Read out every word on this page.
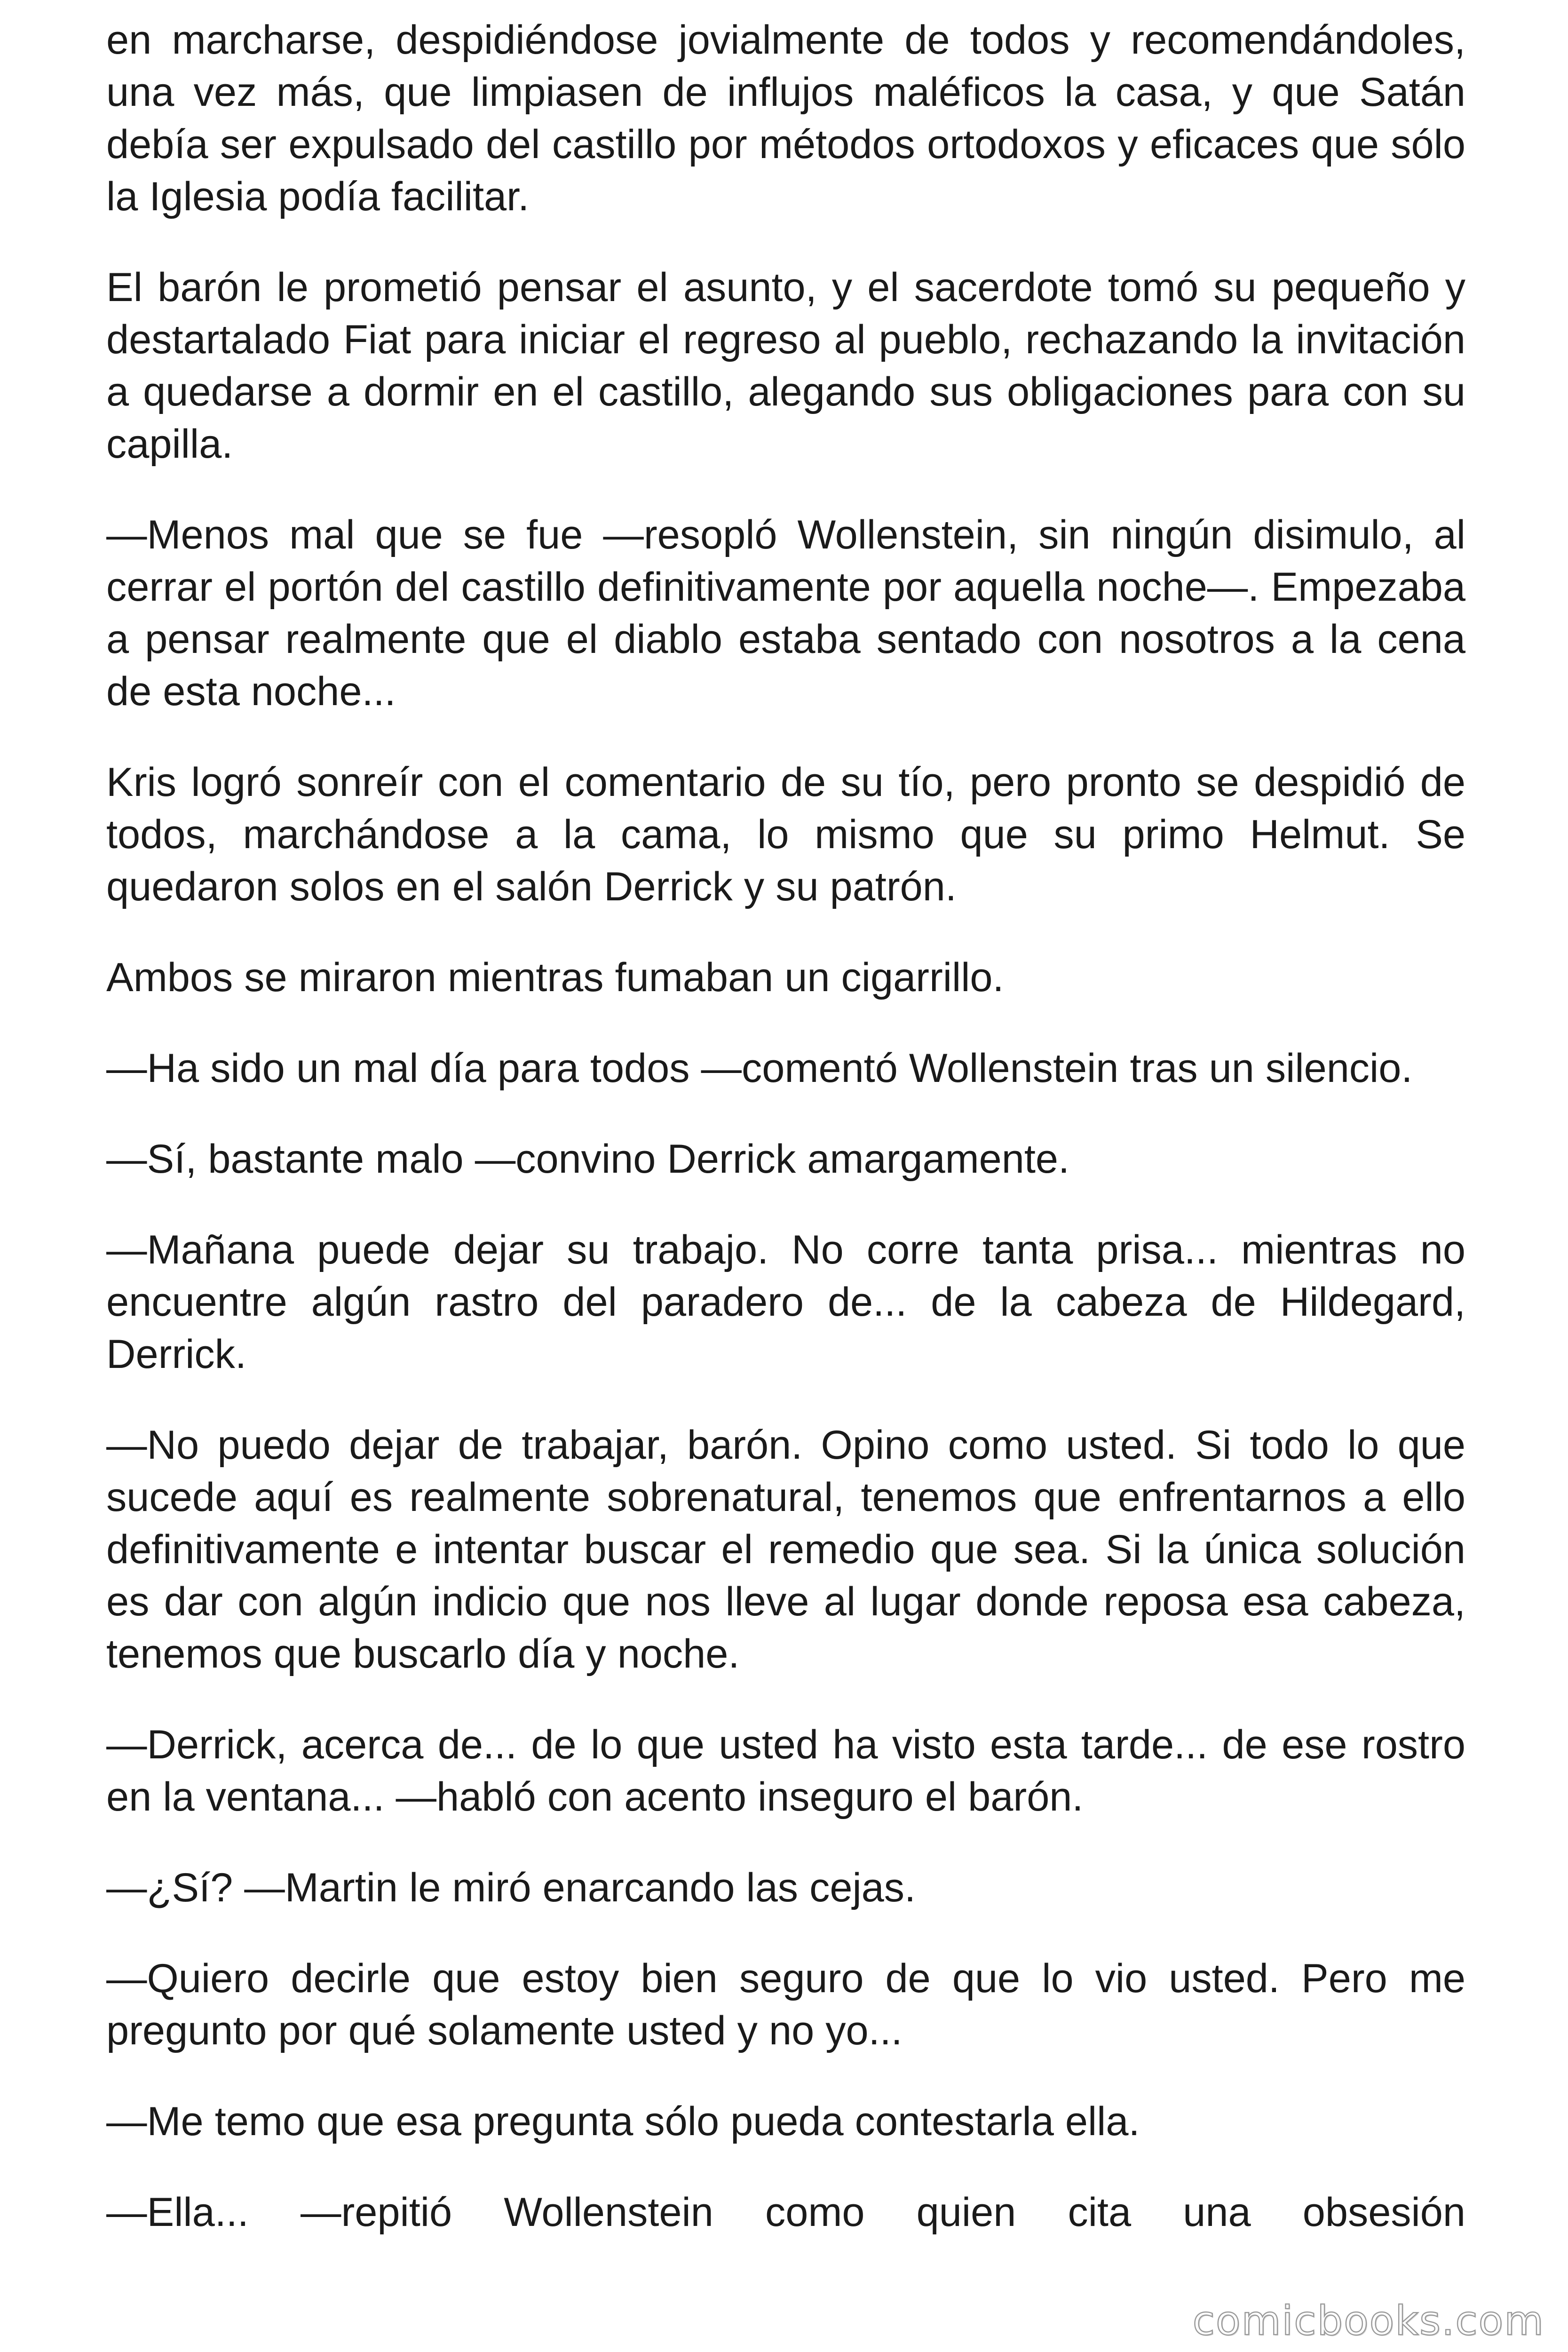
en marcharse, despidiéndose jovialmente de todos y recomendándoles, una vez más, que limpiasen de influjos maléficos la casa, y que Satán debía ser expulsado del castillo por métodos ortodoxos y eficaces que sólo la Iglesia podía facilitar.

El barón le prometió pensar el asunto, y el sacerdote tomó su pequeño y destartalado Fiat para iniciar el regreso al pueblo, rechazando la invitación a quedarse a dormir en el castillo, alegando sus obligaciones para con su capilla.

—Menos mal que se fue —resopló Wollenstein, sin ningún disimulo, al cerrar el portón del castillo definitivamente por aquella noche—. Empezaba a pensar realmente que el diablo estaba sentado con nosotros a la cena de esta noche...

Kris logró sonreír con el comentario de su tío, pero pronto se despidió de todos, marchándose a la cama, lo mismo que su primo Helmut. Se quedaron solos en el salón Derrick y su patrón.

Ambos se miraron mientras fumaban un cigarrillo.

—Ha sido un mal día para todos —comentó Wollenstein tras un silencio.

—Sí, bastante malo —convino Derrick amargamente.

—Mañana puede dejar su trabajo. No corre tanta prisa... mientras no encuentre algún rastro del paradero de... de la cabeza de Hildegard, Derrick.

—No puedo dejar de trabajar, barón. Opino como usted. Si todo lo que sucede aquí es realmente sobrenatural, tenemos que enfrentarnos a ello definitivamente e intentar buscar el remedio que sea. Si la única solución es dar con algún indicio que nos lleve al lugar donde reposa esa cabeza, tenemos que buscarlo día y noche.

—Derrick, acerca de... de lo que usted ha visto esta tarde... de ese rostro en la ventana... —habló con acento inseguro el barón.

—¿Sí? —Martin le miró enarcando las cejas.

—Quiero decirle que estoy bien seguro de que lo vio usted. Pero me pregunto por qué solamente usted y no yo...

—Me temo que esa pregunta sólo pueda contestarla ella.

—Ella... —repitió Wollenstein como quien cita una obsesión

comicbooks.com
